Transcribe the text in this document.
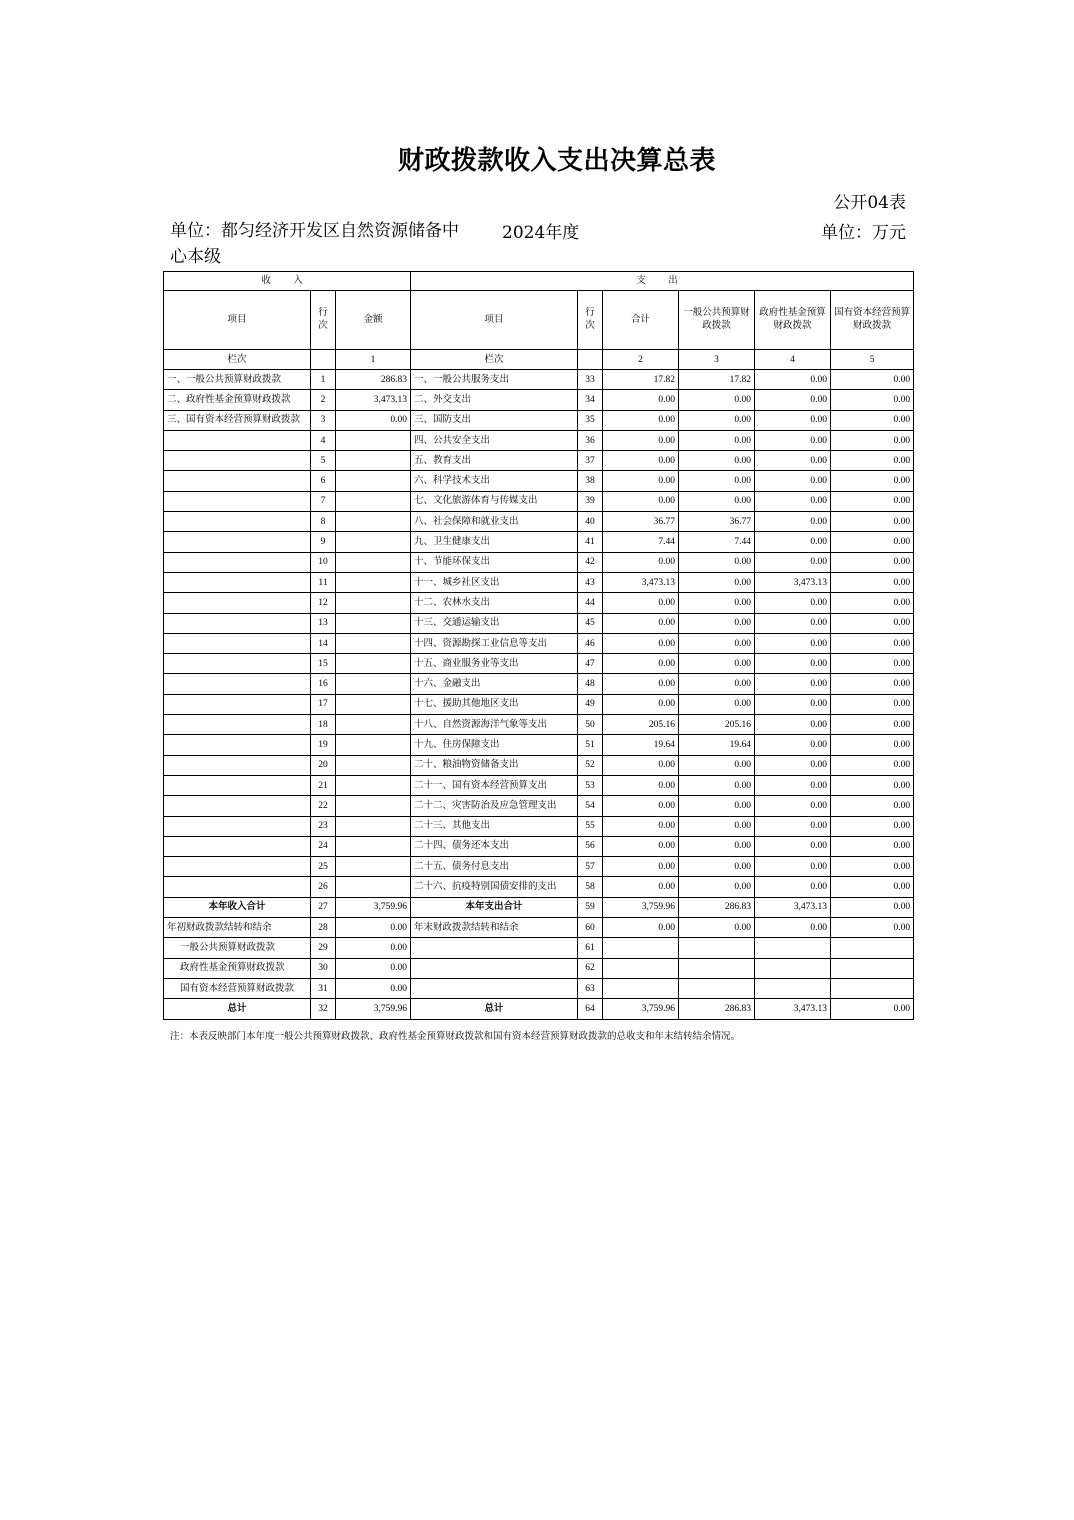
财政拨款收入支出决算总表
公开04表
单位：都匀经济开发区自然资源储备中心本级
2024年度	单位：万元
收 入			支 出					
项目	行次	金额	项目	行次	合计	一般公共预算财政拨款	政府性基金预算财政拨款	国有资本经营预算财政拨款
栏次		1	栏次		2	3	4	5
一、一般公共预算财政拨款	1	286.83	一、一般公共服务支出	33	17.82	17.82	0.00	0.00
二、政府性基金预算财政拨款	2	3,473.13	二、外交支出	34	0.00	0.00	0.00	0.00
三、国有资本经营预算财政拨款	3	0.00	三、国防支出	35	0.00	0.00	0.00	0.00
	4		四、公共安全支出	36	0.00	0.00	0.00	0.00
	5		五、教育支出	37	0.00	0.00	0.00	0.00
	6		六、科学技术支出	38	0.00	0.00	0.00	0.00
	7		七、文化旅游体育与传媒支出	39	0.00	0.00	0.00	0.00
	8		八、社会保障和就业支出	40	36.77	36.77	0.00	0.00
	9		九、卫生健康支出	41	7.44	7.44	0.00	0.00
	10		十、节能环保支出	42	0.00	0.00	0.00	0.00
	11		十一、城乡社区支出	43	3,473.13	0.00	3,473.13	0.00
	12		十二、农林水支出	44	0.00	0.00	0.00	0.00
	13		十三、交通运输支出	45	0.00	0.00	0.00	0.00
	14		十四、资源勘探工业信息等支出	46	0.00	0.00	0.00	0.00
	15		十五、商业服务业等支出	47	0.00	0.00	0.00	0.00
	16		十六、金融支出	48	0.00	0.00	0.00	0.00
	17		十七、援助其他地区支出	49	0.00	0.00	0.00	0.00
	18		十八、自然资源海洋气象等支出	50	205.16	205.16	0.00	0.00
	19		十九、住房保障支出	51	19.64	19.64	0.00	0.00
	20		二十、粮油物资储备支出	52	0.00	0.00	0.00	0.00
	21		二十一、国有资本经营预算支出	53	0.00	0.00	0.00	0.00
	22		二十二、灾害防治及应急管理支出	54	0.00	0.00	0.00	0.00
	23		二十三、其他支出	55	0.00	0.00	0.00	0.00
	24		二十四、债务还本支出	56	0.00	0.00	0.00	0.00
	25		二十五、债务付息支出	57	0.00	0.00	0.00	0.00
	26		二十六、抗疫特别国债安排的支出	58	0.00	0.00	0.00	0.00
本年收入合计	27	3,759.96	本年支出合计	59	3,759.96	286.83	3,473.13	0.00
年初财政拨款结转和结余	28	0.00	年末财政拨款结转和结余	60	0.00	0.00	0.00	0.00
一般公共预算财政拨款	29	0.00		61				
政府性基金预算财政拨款	30	0.00		62				
国有资本经营预算财政拨款	31	0.00		63				
总计	32	3,759.96	总计	64	3,759.96	286.83	3,473.13	0.00
注：本表反映部门本年度一般公共预算财政拨款、政府性基金预算财政拨款和国有资本经营预算财政拨款的总收支和年末结转结余情况。
